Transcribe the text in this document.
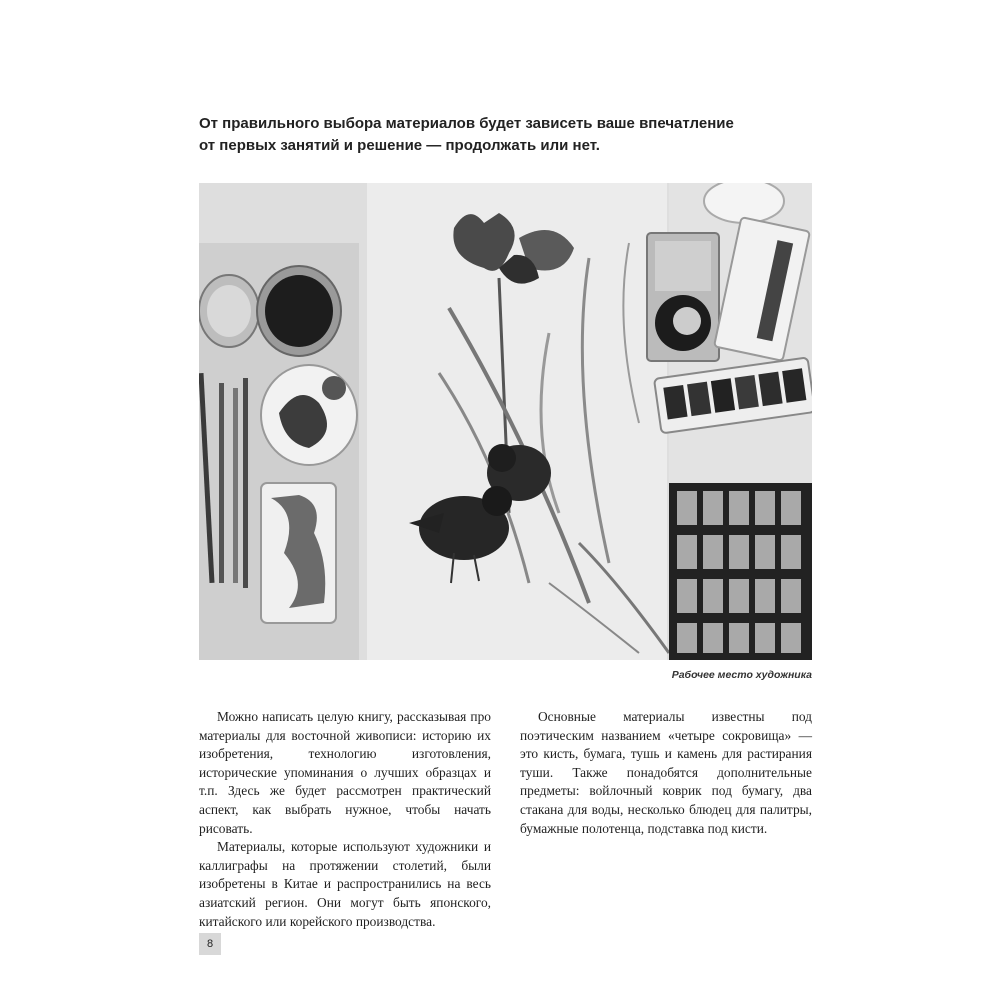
От правильного выбора материалов будет зависеть ваше впечатление
от первых занятий и решение — продолжать или нет.
Рабочее место художника

Можно написать целую книгу, рассказывая про материалы для восточной живописи: историю их изобретения, технологию изготовления, исторические упоминания о лучших образцах и т.п. Здесь же будет рассмотрен практический аспект, как выбрать нужное, чтобы начать рисовать.

Материалы, которые используют художники и каллиграфы на протяжении столетий, были изобретены в Китае и распространились на весь азиатский регион. Они могут быть японского, китайского или корейского производства.

Основные материалы известны под поэтическим названием «четыре сокровища» — это кисть, бумага, тушь и камень для растирания туши. Также понадобятся дополнительные предметы: войлочный коврик под бумагу, два стакана для воды, несколько блюдец для палитры, бумажные полотенца, подставка под кисти.

8
